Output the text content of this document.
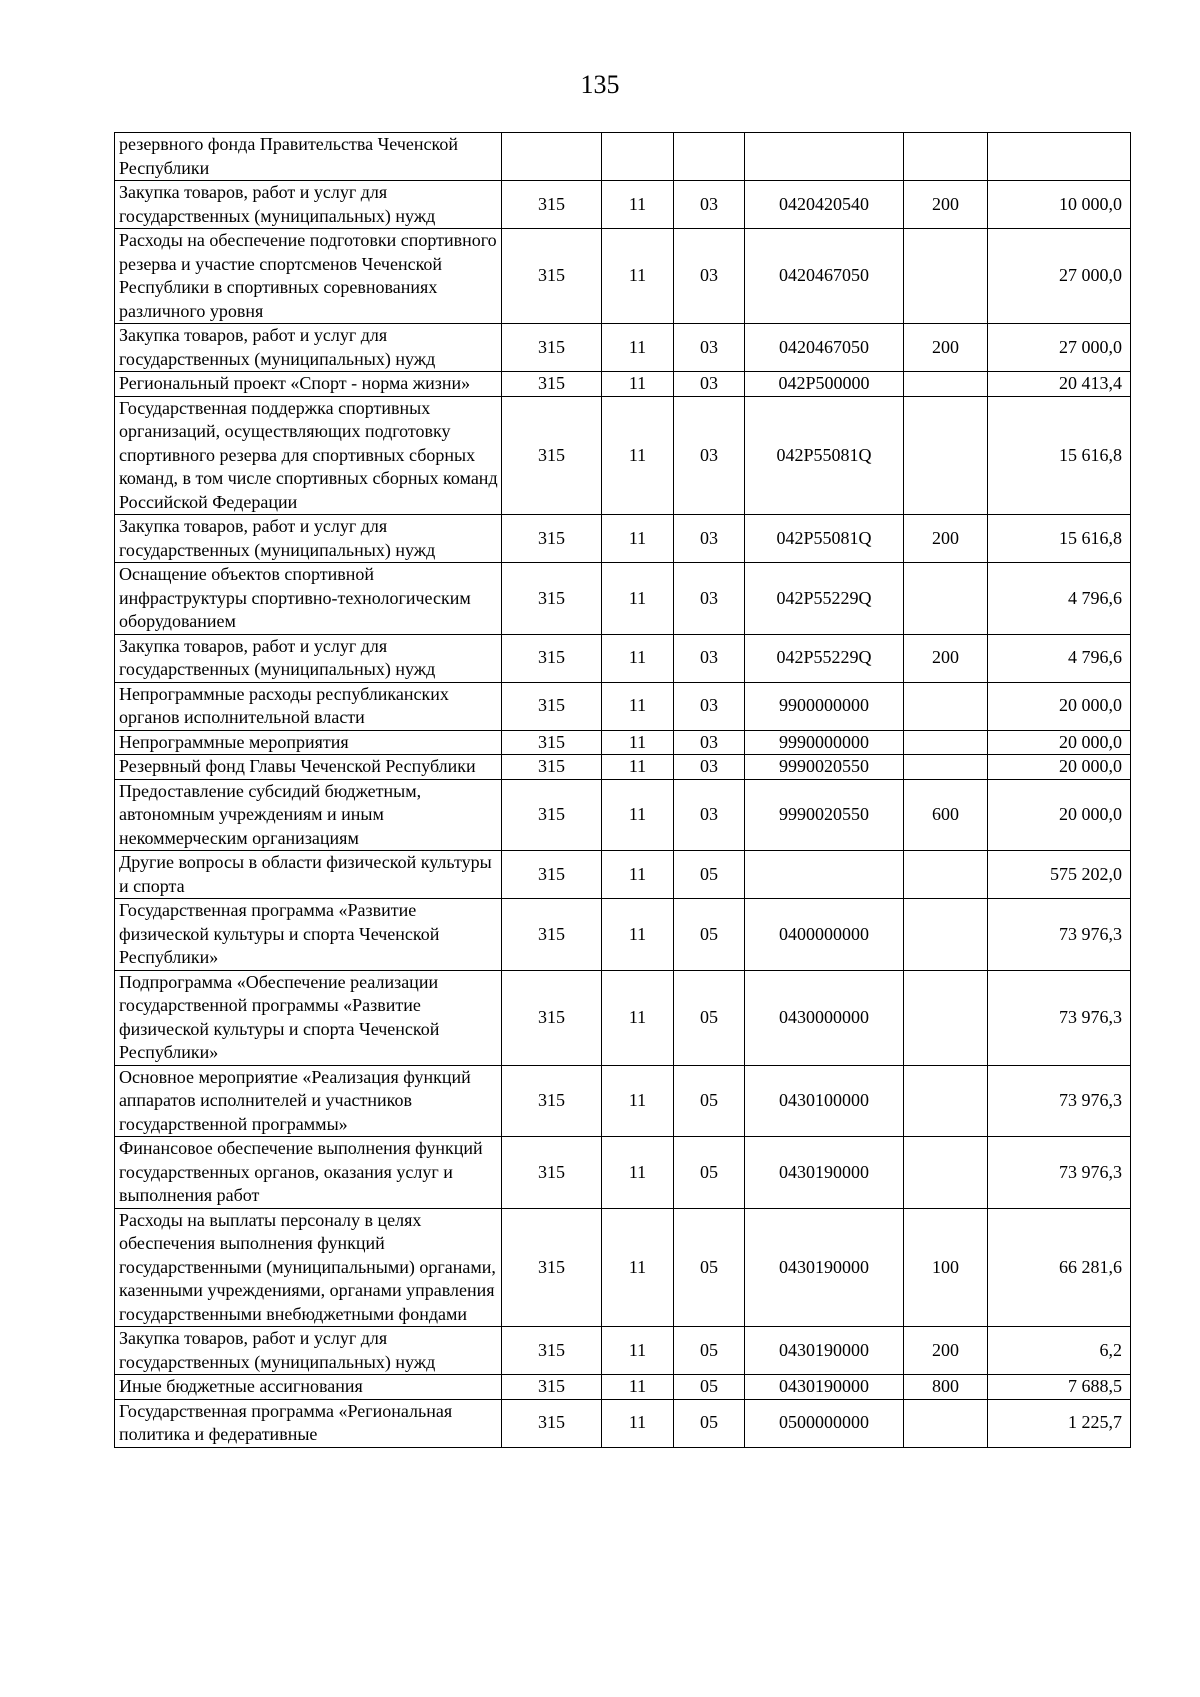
135
резервного фонда Правительства Чеченской Республики						
Закупка товаров, работ и услуг для государственных (муниципальных) нужд	315	11	03	0420420540	200	10 000,0
Расходы на обеспечение подготовки спортивного резерва и участие спортсменов Чеченской Республики в спортивных соревнованиях различного уровня	315	11	03	0420467050		27 000,0
Закупка товаров, работ и услуг для государственных (муниципальных) нужд	315	11	03	0420467050	200	27 000,0
Региональный проект «Спорт - норма жизни»	315	11	03	042P500000		20 413,4
Государственная поддержка спортивных организаций, осуществляющих подготовку спортивного резерва для спортивных сборных команд, в том числе спортивных сборных команд Российской Федерации	315	11	03	042P55081Q		15 616,8
Закупка товаров, работ и услуг для государственных (муниципальных) нужд	315	11	03	042P55081Q	200	15 616,8
Оснащение объектов спортивной инфраструктуры спортивно-технологическим оборудованием	315	11	03	042P55229Q		4 796,6
Закупка товаров, работ и услуг для государственных (муниципальных) нужд	315	11	03	042P55229Q	200	4 796,6
Непрограммные расходы республиканских органов исполнительной власти	315	11	03	9900000000		20 000,0
Непрограммные мероприятия	315	11	03	9990000000		20 000,0
Резервный фонд Главы Чеченской Республики	315	11	03	9990020550		20 000,0
Предоставление субсидий бюджетным, автономным учреждениям и иным некоммерческим организациям	315	11	03	9990020550	600	20 000,0
Другие вопросы в области физической культуры и спорта	315	11	05			575 202,0
Государственная программа «Развитие физической культуры и спорта Чеченской Республики»	315	11	05	0400000000		73 976,3
Подпрограмма «Обеспечение реализации государственной программы «Развитие физической культуры и спорта Чеченской Республики»	315	11	05	0430000000		73 976,3
Основное мероприятие «Реализация функций аппаратов исполнителей и участников государственной программы»	315	11	05	0430100000		73 976,3
Финансовое обеспечение выполнения функций государственных органов, оказания услуг и выполнения работ	315	11	05	0430190000		73 976,3
Расходы на выплаты персоналу в целях обеспечения выполнения функций государственными (муниципальными) органами, казенными учреждениями, органами управления государственными внебюджетными фондами	315	11	05	0430190000	100	66 281,6
Закупка товаров, работ и услуг для государственных (муниципальных) нужд	315	11	05	0430190000	200	6,2
Иные бюджетные ассигнования	315	11	05	0430190000	800	7 688,5
Государственная программа «Региональная политика и федеративные	315	11	05	0500000000		1 225,7
